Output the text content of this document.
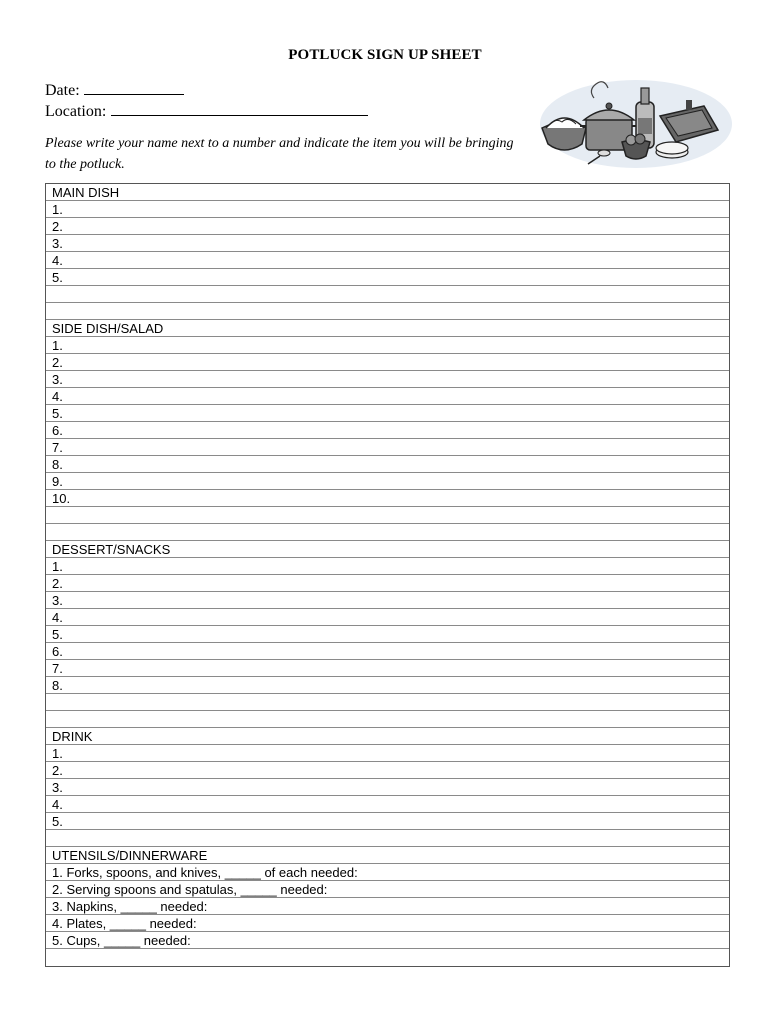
POTLUCK SIGN UP SHEET
Date:
Location:
Please write your name next to a number and indicate the item you will be bringing to the potluck.
MAIN DISH
1.
2.
3.
4.
5.
SIDE DISH/SALAD
1.
2.
3.
4.
5.
6.
7.
8.
9.
10.
DESSERT/SNACKS
1.
2.
3.
4.
5.
6.
7.
8.
DRINK
1.
2.
3.
4.
5.
UTENSILS/DINNERWARE
1. Forks, spoons, and knives, _____ of each needed:
2. Serving spoons and spatulas, _____ needed:
3. Napkins, _____ needed:
4. Plates, _____ needed:
5. Cups, _____ needed:
